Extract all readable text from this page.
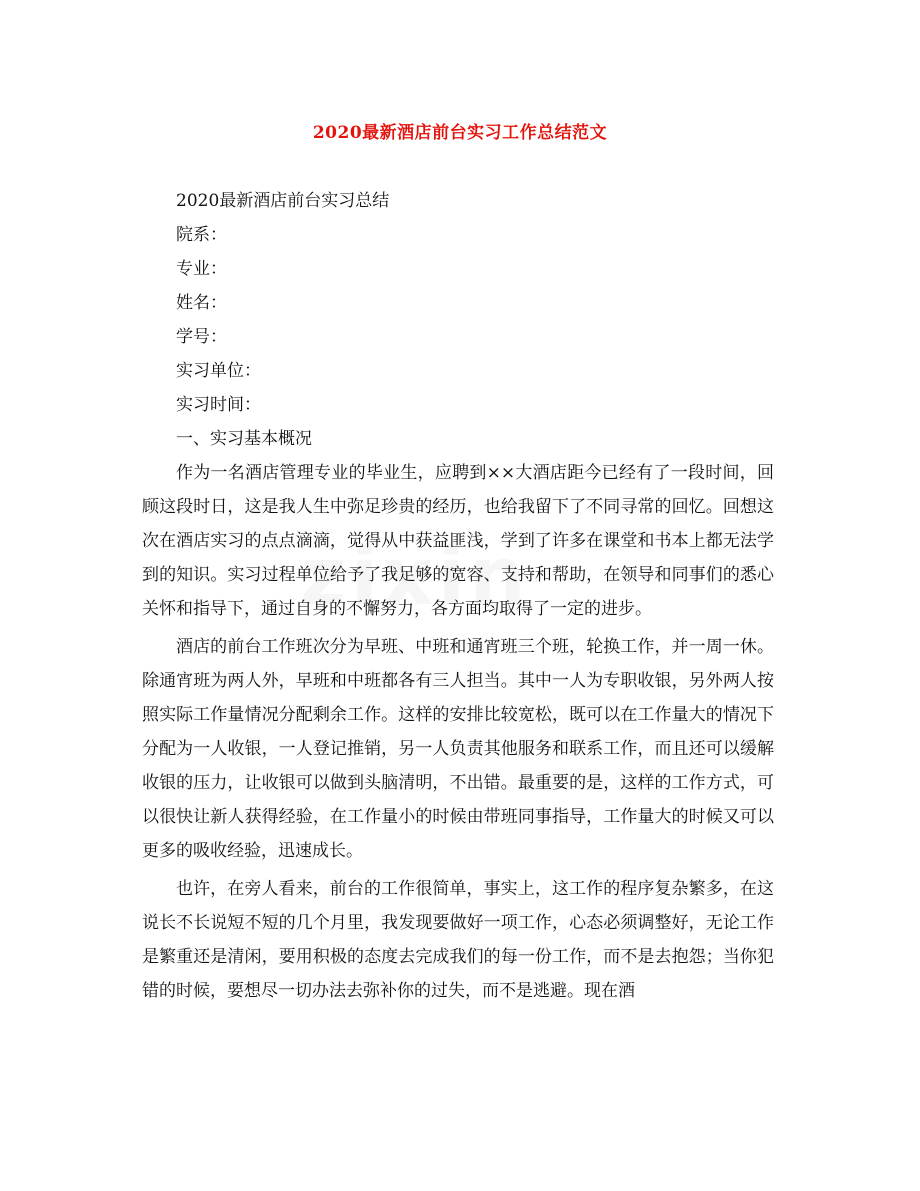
2020最新酒店前台实习工作总结范文
2020最新酒店前台实习总结
院系：
专业：
姓名：
学号：
实习单位：
实习时间：
一、实习基本概况
作为一名酒店管理专业的毕业生，应聘到××大酒店距今已经有了一段时间，回顾这段时日，这是我人生中弥足珍贵的经历，也给我留下了不同寻常的回忆。回想这次在酒店实习的点点滴滴，觉得从中获益匪浅，学到了许多在课堂和书本上都无法学到的知识。实习过程单位给予了我足够的宽容、支持和帮助，在领导和同事们的悉心关怀和指导下，通过自身的不懈努力，各方面均取得了一定的进步。
酒店的前台工作班次分为早班、中班和通宵班三个班，轮换工作，并一周一休。除通宵班为两人外，早班和中班都各有三人担当。其中一人为专职收银，另外两人按照实际工作量情况分配剩余工作。这样的安排比较宽松，既可以在工作量大的情况下分配为一人收银，一人登记推销，另一人负责其他服务和联系工作，而且还可以缓解收银的压力，让收银可以做到头脑清明，不出错。最重要的是，这样的工作方式，可以很快让新人获得经验，在工作量小的时候由带班同事指导，工作量大的时候又可以更多的吸收经验，迅速成长。
也许，在旁人看来，前台的工作很简单，事实上，这工作的程序复杂繁多，在这说长不长说短不短的几个月里，我发现要做好一项工作，心态必须调整好，无论工作是繁重还是清闲，要用积极的态度去完成我们的每一份工作，而不是去抱怨；当你犯错的时候，要想尽一切办法去弥补你的过失，而不是逃避。现在酒
